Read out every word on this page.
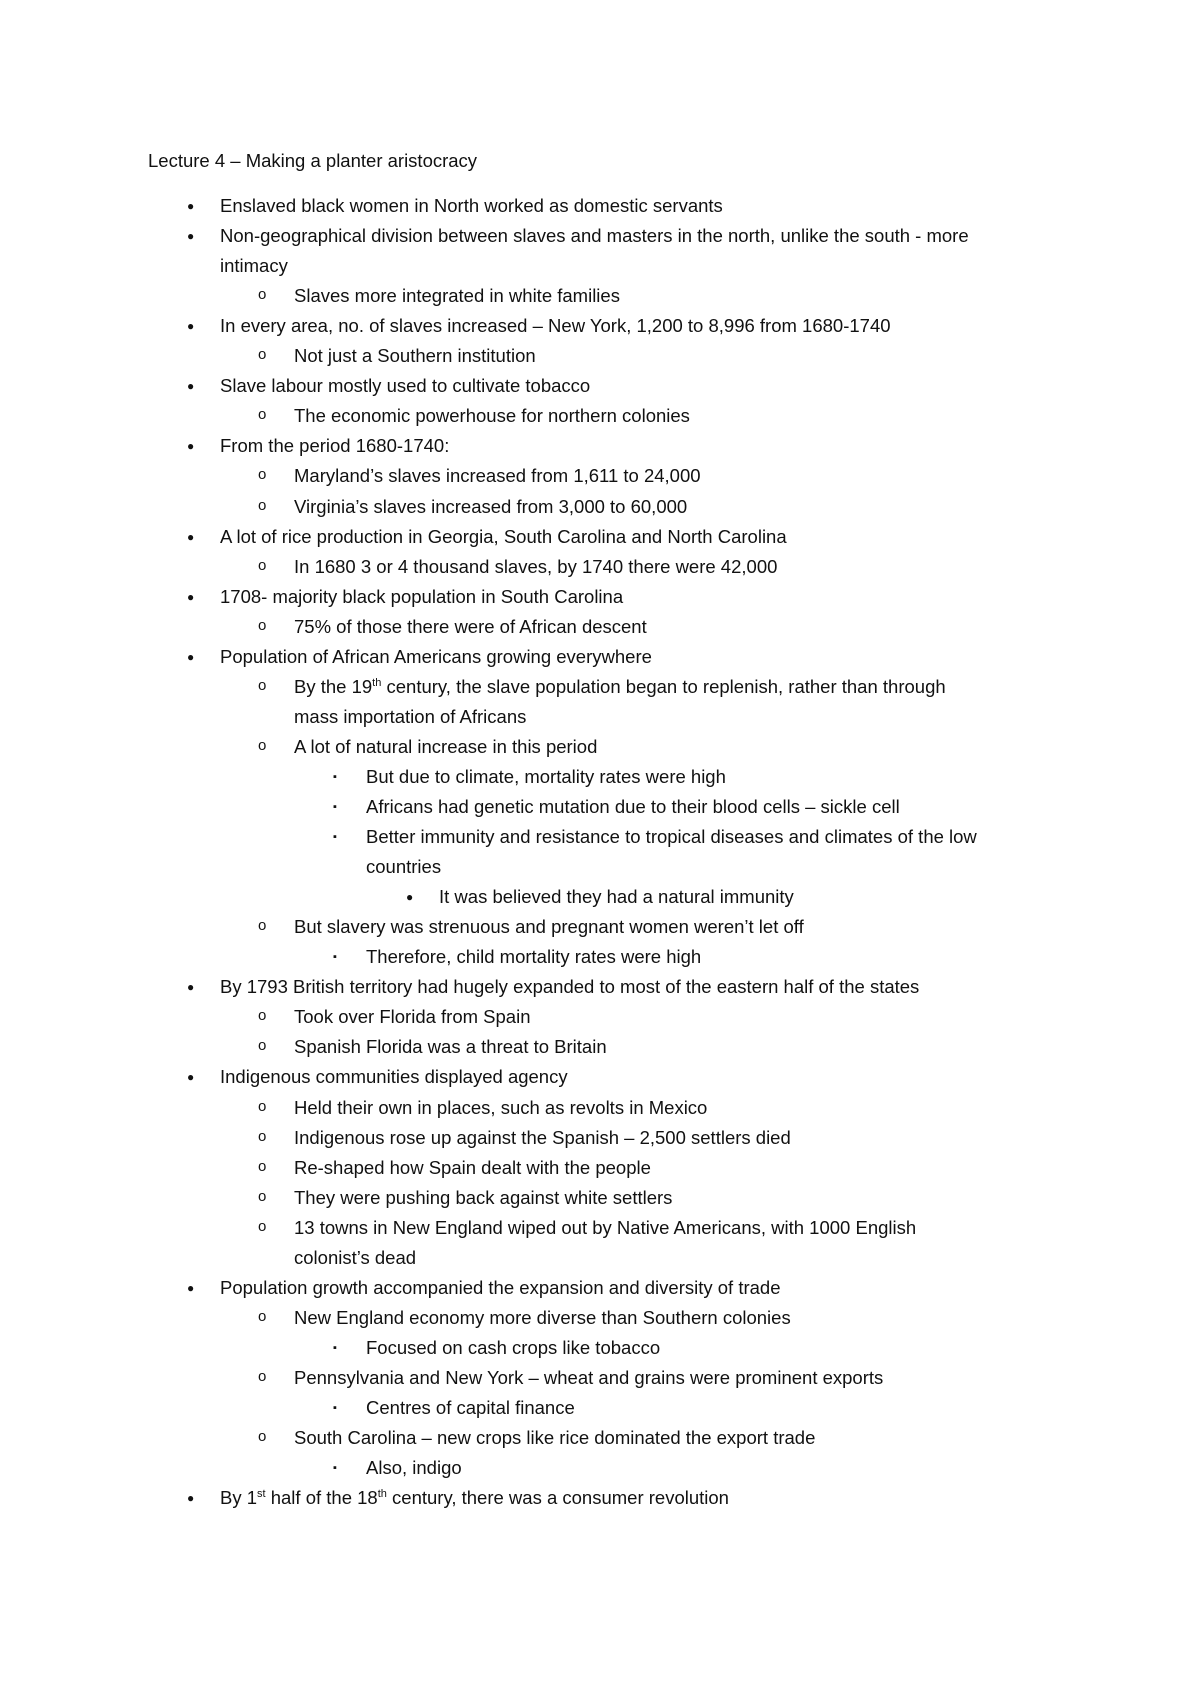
Lecture 4 – Making a planter aristocracy
● Enslaved black women in North worked as domestic servants
● Non-geographical division between slaves and masters in the north, unlike the south - more
intimacy
o Slaves more integrated in white families
● In every area, no. of slaves increased – New York, 1,200 to 8,996 from 1680-1740
o Not just a Southern institution
● Slave labour mostly used to cultivate tobacco
o The economic powerhouse for northern colonies
● From the period 1680-1740:
o Maryland’s slaves increased from 1,611 to 24,000
o Virginia’s slaves increased from 3,000 to 60,000
● A lot of rice production in Georgia, South Carolina and North Carolina
o In 1680 3 or 4 thousand slaves, by 1740 there were 42,000
● 1708- majority black population in South Carolina
o 75% of those there were of African descent
● Population of African Americans growing everywhere
o By the 19th century, the slave population began to replenish, rather than through
mass importation of Africans
o A lot of natural increase in this period
▪ But due to climate, mortality rates were high
▪ Africans had genetic mutation due to their blood cells – sickle cell
▪ Better immunity and resistance to tropical diseases and climates of the low
countries
● It was believed they had a natural immunity
o But slavery was strenuous and pregnant women weren’t let off
▪ Therefore, child mortality rates were high
● By 1793 British territory had hugely expanded to most of the eastern half of the states
o Took over Florida from Spain
o Spanish Florida was a threat to Britain
● Indigenous communities displayed agency
o Held their own in places, such as revolts in Mexico
o Indigenous rose up against the Spanish – 2,500 settlers died
o Re-shaped how Spain dealt with the people
o They were pushing back against white settlers
o 13 towns in New England wiped out by Native Americans, with 1000 English
colonist’s dead
● Population growth accompanied the expansion and diversity of trade
o New England economy more diverse than Southern colonies
▪ Focused on cash crops like tobacco
o Pennsylvania and New York – wheat and grains were prominent exports
▪ Centres of capital finance
o South Carolina – new crops like rice dominated the export trade
▪ Also, indigo
● By 1st half of the 18th century, there was a consumer revolution
